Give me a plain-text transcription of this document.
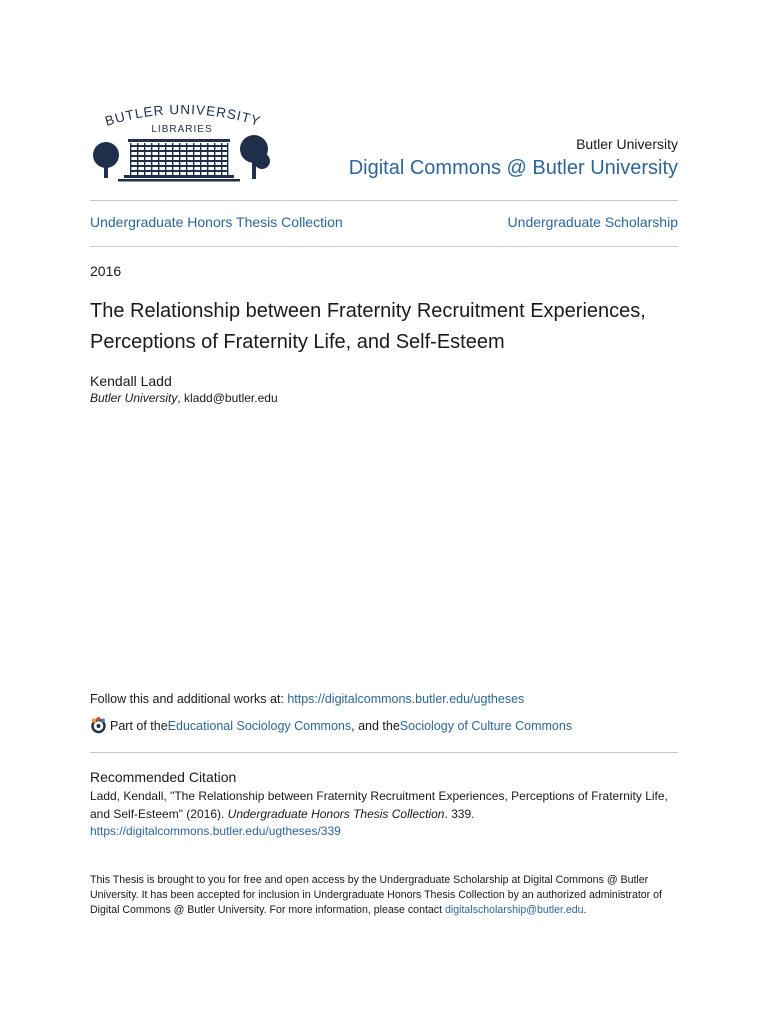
BUTLER UNIVERSITY
LIBRARIES
Butler University
Digital Commons @ Butler University
Undergraduate Honors Thesis Collection	Undergraduate Scholarship
2016
The Relationship between Fraternity Recruitment Experiences, Perceptions of Fraternity Life, and Self-Esteem
Kendall Ladd
Butler University, kladd@butler.edu
Follow this and additional works at: https://digitalcommons.butler.edu/ugtheses
Part of the Educational Sociology Commons , and the Sociology of Culture Commons
Recommended Citation
Ladd, Kendall, "The Relationship between Fraternity Recruitment Experiences, Perceptions of Fraternity Life, and Self-Esteem" (2016). Undergraduate Honors Thesis Collection. 339.
https://digitalcommons.butler.edu/ugtheses/339
This Thesis is brought to you for free and open access by the Undergraduate Scholarship at Digital Commons @ Butler University. It has been accepted for inclusion in Undergraduate Honors Thesis Collection by an authorized administrator of Digital Commons @ Butler University. For more information, please contact digitalscholarship@butler.edu.
